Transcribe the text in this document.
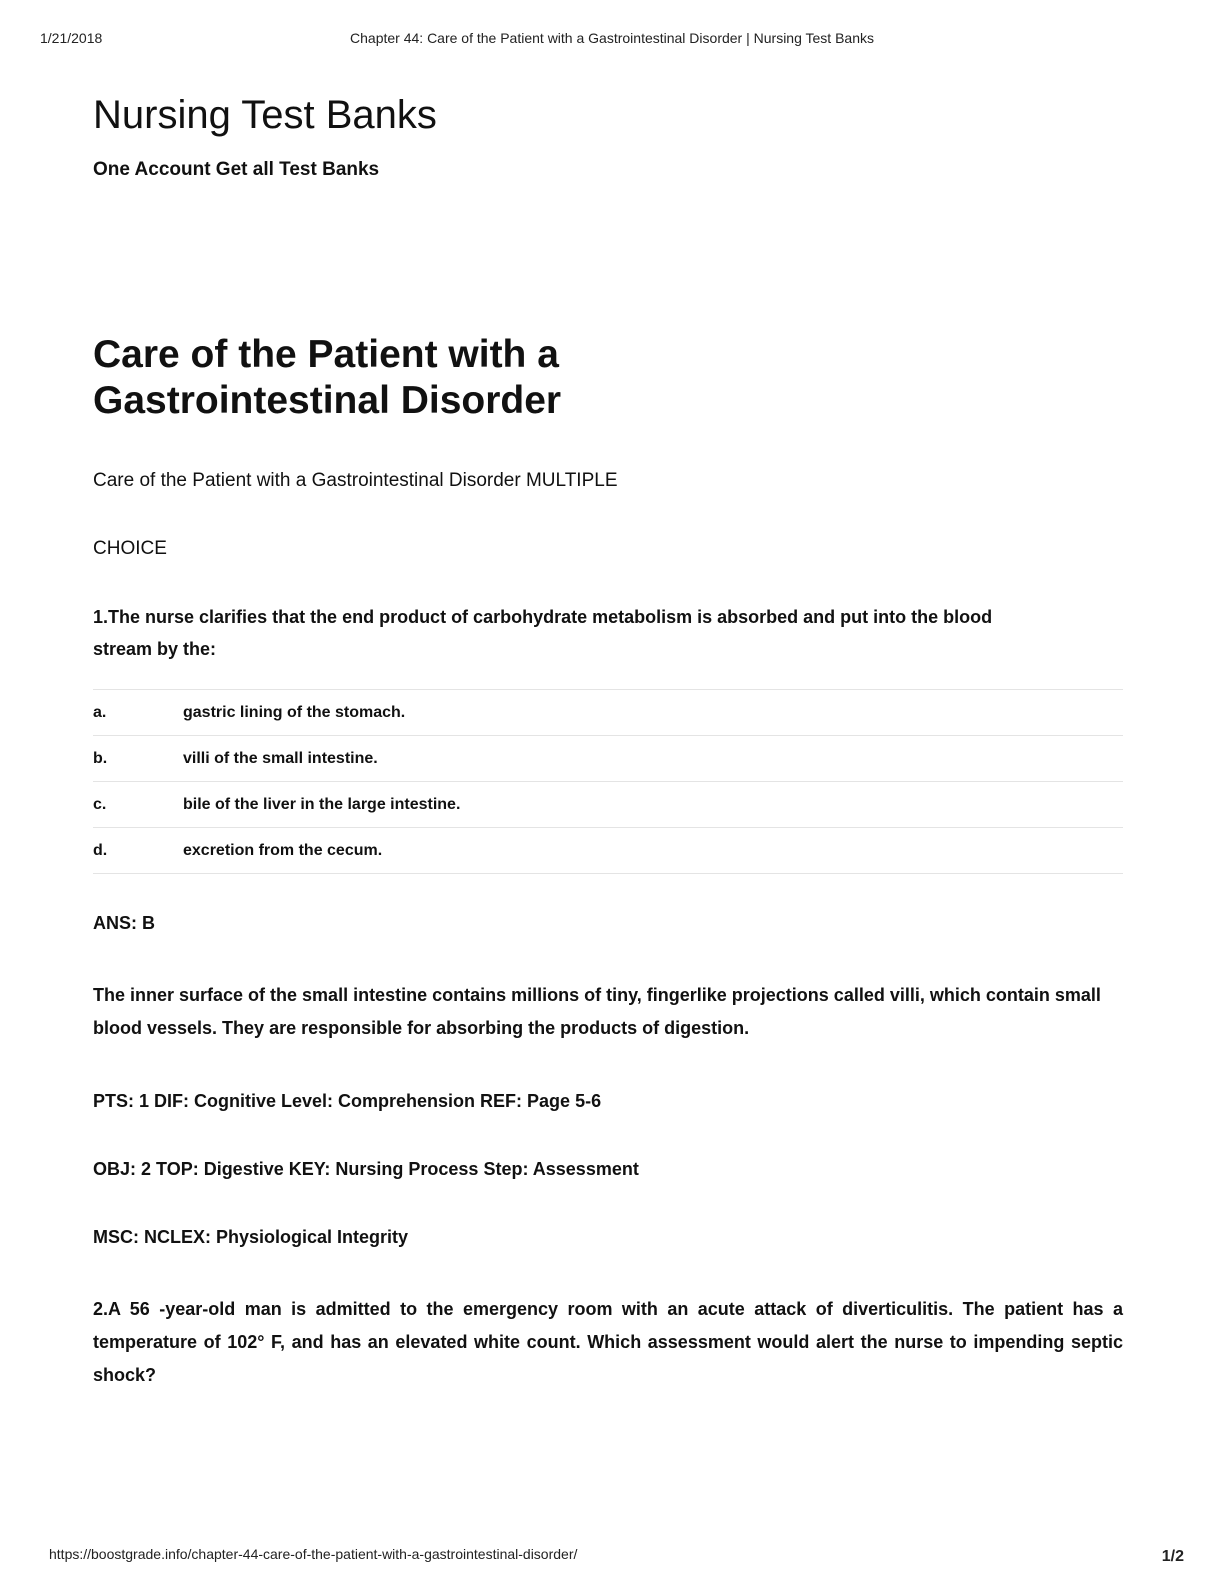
1/21/2018	Chapter 44: Care of the Patient with a Gastrointestinal Disorder | Nursing Test Banks
Nursing Test Banks
One Account Get all Test Banks
Care of the Patient with a Gastrointestinal Disorder
Care of the Patient with a Gastrointestinal Disorder MULTIPLE
CHOICE
1.The nurse clarifies that the end product of carbohydrate metabolism is absorbed and put into the blood
stream by the:
a.	gastric lining of the stomach.
b.	villi of the small intestine.
c.	bile of the liver in the large intestine.
d.	excretion from the cecum.
ANS: B
The inner surface of the small intestine contains millions of tiny, fingerlike projections called villi, which contain small blood vessels. They are responsible for absorbing the products of digestion.
PTS: 1 DIF: Cognitive Level: Comprehension REF: Page 5-6
OBJ: 2 TOP: Digestive KEY: Nursing Process Step: Assessment
MSC: NCLEX: Physiological Integrity
2.A 56 -year-old man is admitted to the emergency room with an acute attack of diverticulitis. The patient has a temperature of 102° F, and has an elevated white count. Which assessment would alert the nurse to impending septic shock?
https://boostgrade.info/chapter-44-care-of-the-patient-with-a-gastrointestinal-disorder/	1/2
